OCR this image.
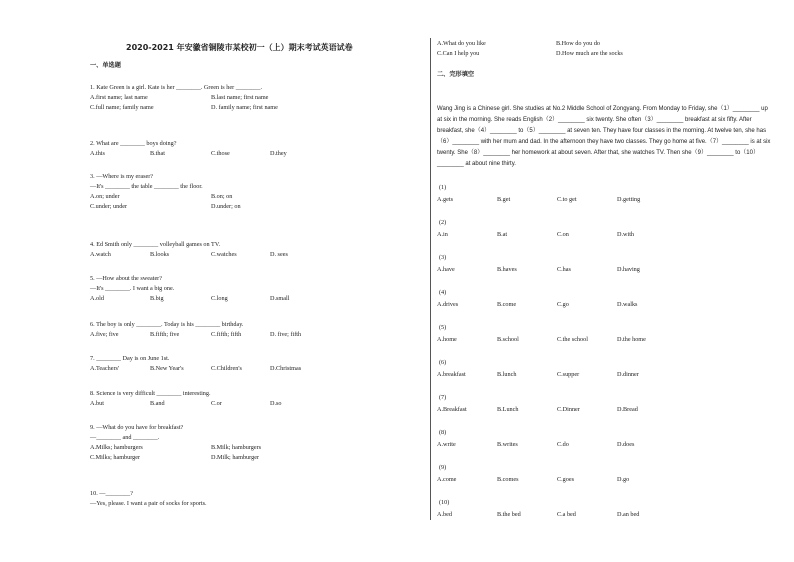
2020-2021 年安徽省铜陵市某校初一（上）期末考试英语试卷
一、单选题
1. Kate Green is a girl. Kate is her ________. Green is her ________.
A.first name; last name	B.last name; first name
C.full name; family name	D. family name; first name
2. What are ________ boys doing?
A.this	B.that	C.those	D.they
3. —Where is my eraser?
—It's ________ the table ________ the floor.
A.on; under	B.on; on
C.under; under	D.under; on
4. Ed Smith only ________ volleyball games on TV.
A.watch	B.looks	C.watches	D. sees
5. —How about the sweater?
—It's ________. I want a big one.
A.old	B.big	C.long	D.small
6. The boy is only ________. Today is his ________ birthday.
A.five; five	B.fifth; five	C.fifth; fifth	D. five; fifth
7. ________ Day is on June 1st.
A.Teachers'	B.New Year's	C.Children's	D.Christmas
8. Science is very difficult ________ interesting.
A.but	B.and	C.or	D.so
9. —What do you have for breakfast?
—________ and ________.
A.Milks; hamburgers	B.Milk; hamburgers
C.Milks; hamburger	D.Milk; hamburger
10. —________?
—Yes, please. I want a pair of socks for sports.
A.What do you like	B.How do you do
C.Can I help you	D.How much are the socks
二、完形填空
Wang Jing is a Chinese girl. She studies at No.2 Middle School of Zongyang. From Monday to Friday, she（1）________ up at six in the morning. She reads English（2）________ six twenty. She often（3）________ breakfast at six fifty. After breakfast, she（4）________ to（5）________ at seven ten. They have four classes in the morning. At twelve ten, she has（6）________ with her mum and dad. In the afternoon they have two classes. They go home at five.（7）________ is at six twenty. She（8）________ her homework at about seven. After that, she watches TV. Then she（9）________ to（10）________ at about nine thirty.
(1)
A.gets	B.get	C.to get	D.getting
(2)
A.in	B.at	C.on	D.with
(3)
A.have	B.haves	C.has	D.having
(4)
A.drives	B.come	C.go	D.walks
(5)
A.home	B.school	C.the school	D.the home
(6)
A.breakfast	B.lunch	C.supper	D.dinner
(7)
A.Breakfast	B.Lunch	C.Dinner	D.Bread
(8)
A.write	B.writes	C.do	D.does
(9)
A.come	B.comes	C.goes	D.go
(10)
A.bed	B.the bed	C.a bed	D.an bed
